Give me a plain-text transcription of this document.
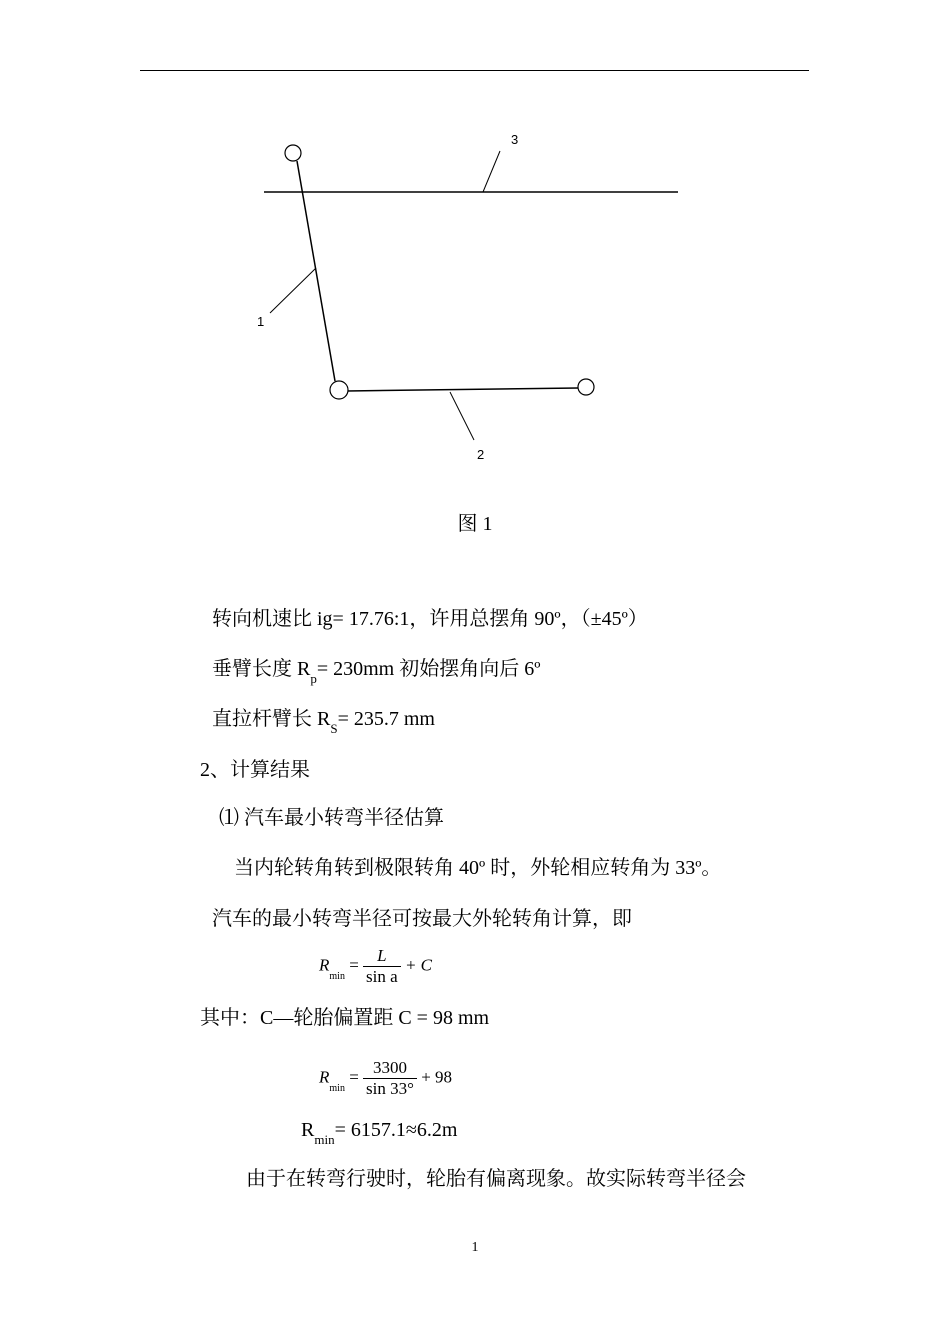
3
1
2
图 1
转向机速比 ig= 17.76:1，许用总摆角 90º，（±45º）
垂臂长度 $R_p= 230mm$ 初始摆角向后 6º
直拉杆臂长 $R_S= 235.7$ mm
2、计算结果
⑴ 汽车最小转弯半径估算
当内轮转角转到极限转角 40º 时，外轮相应转角为 33º。
汽车的最小转弯半径可按最大外轮转角计算，即
$R_{min} = \frac{L}{\text{sin a}} + C$
其中：C—轮胎偏置距 C = 98 mm
$R_{min} = \frac{3300}{\sin 33^\circ} + 98$
$R_{min}= 6157.1\approx 6.2m$
由于在转弯行驶时，轮胎有偏离现象。故实际转弯半径会
1
